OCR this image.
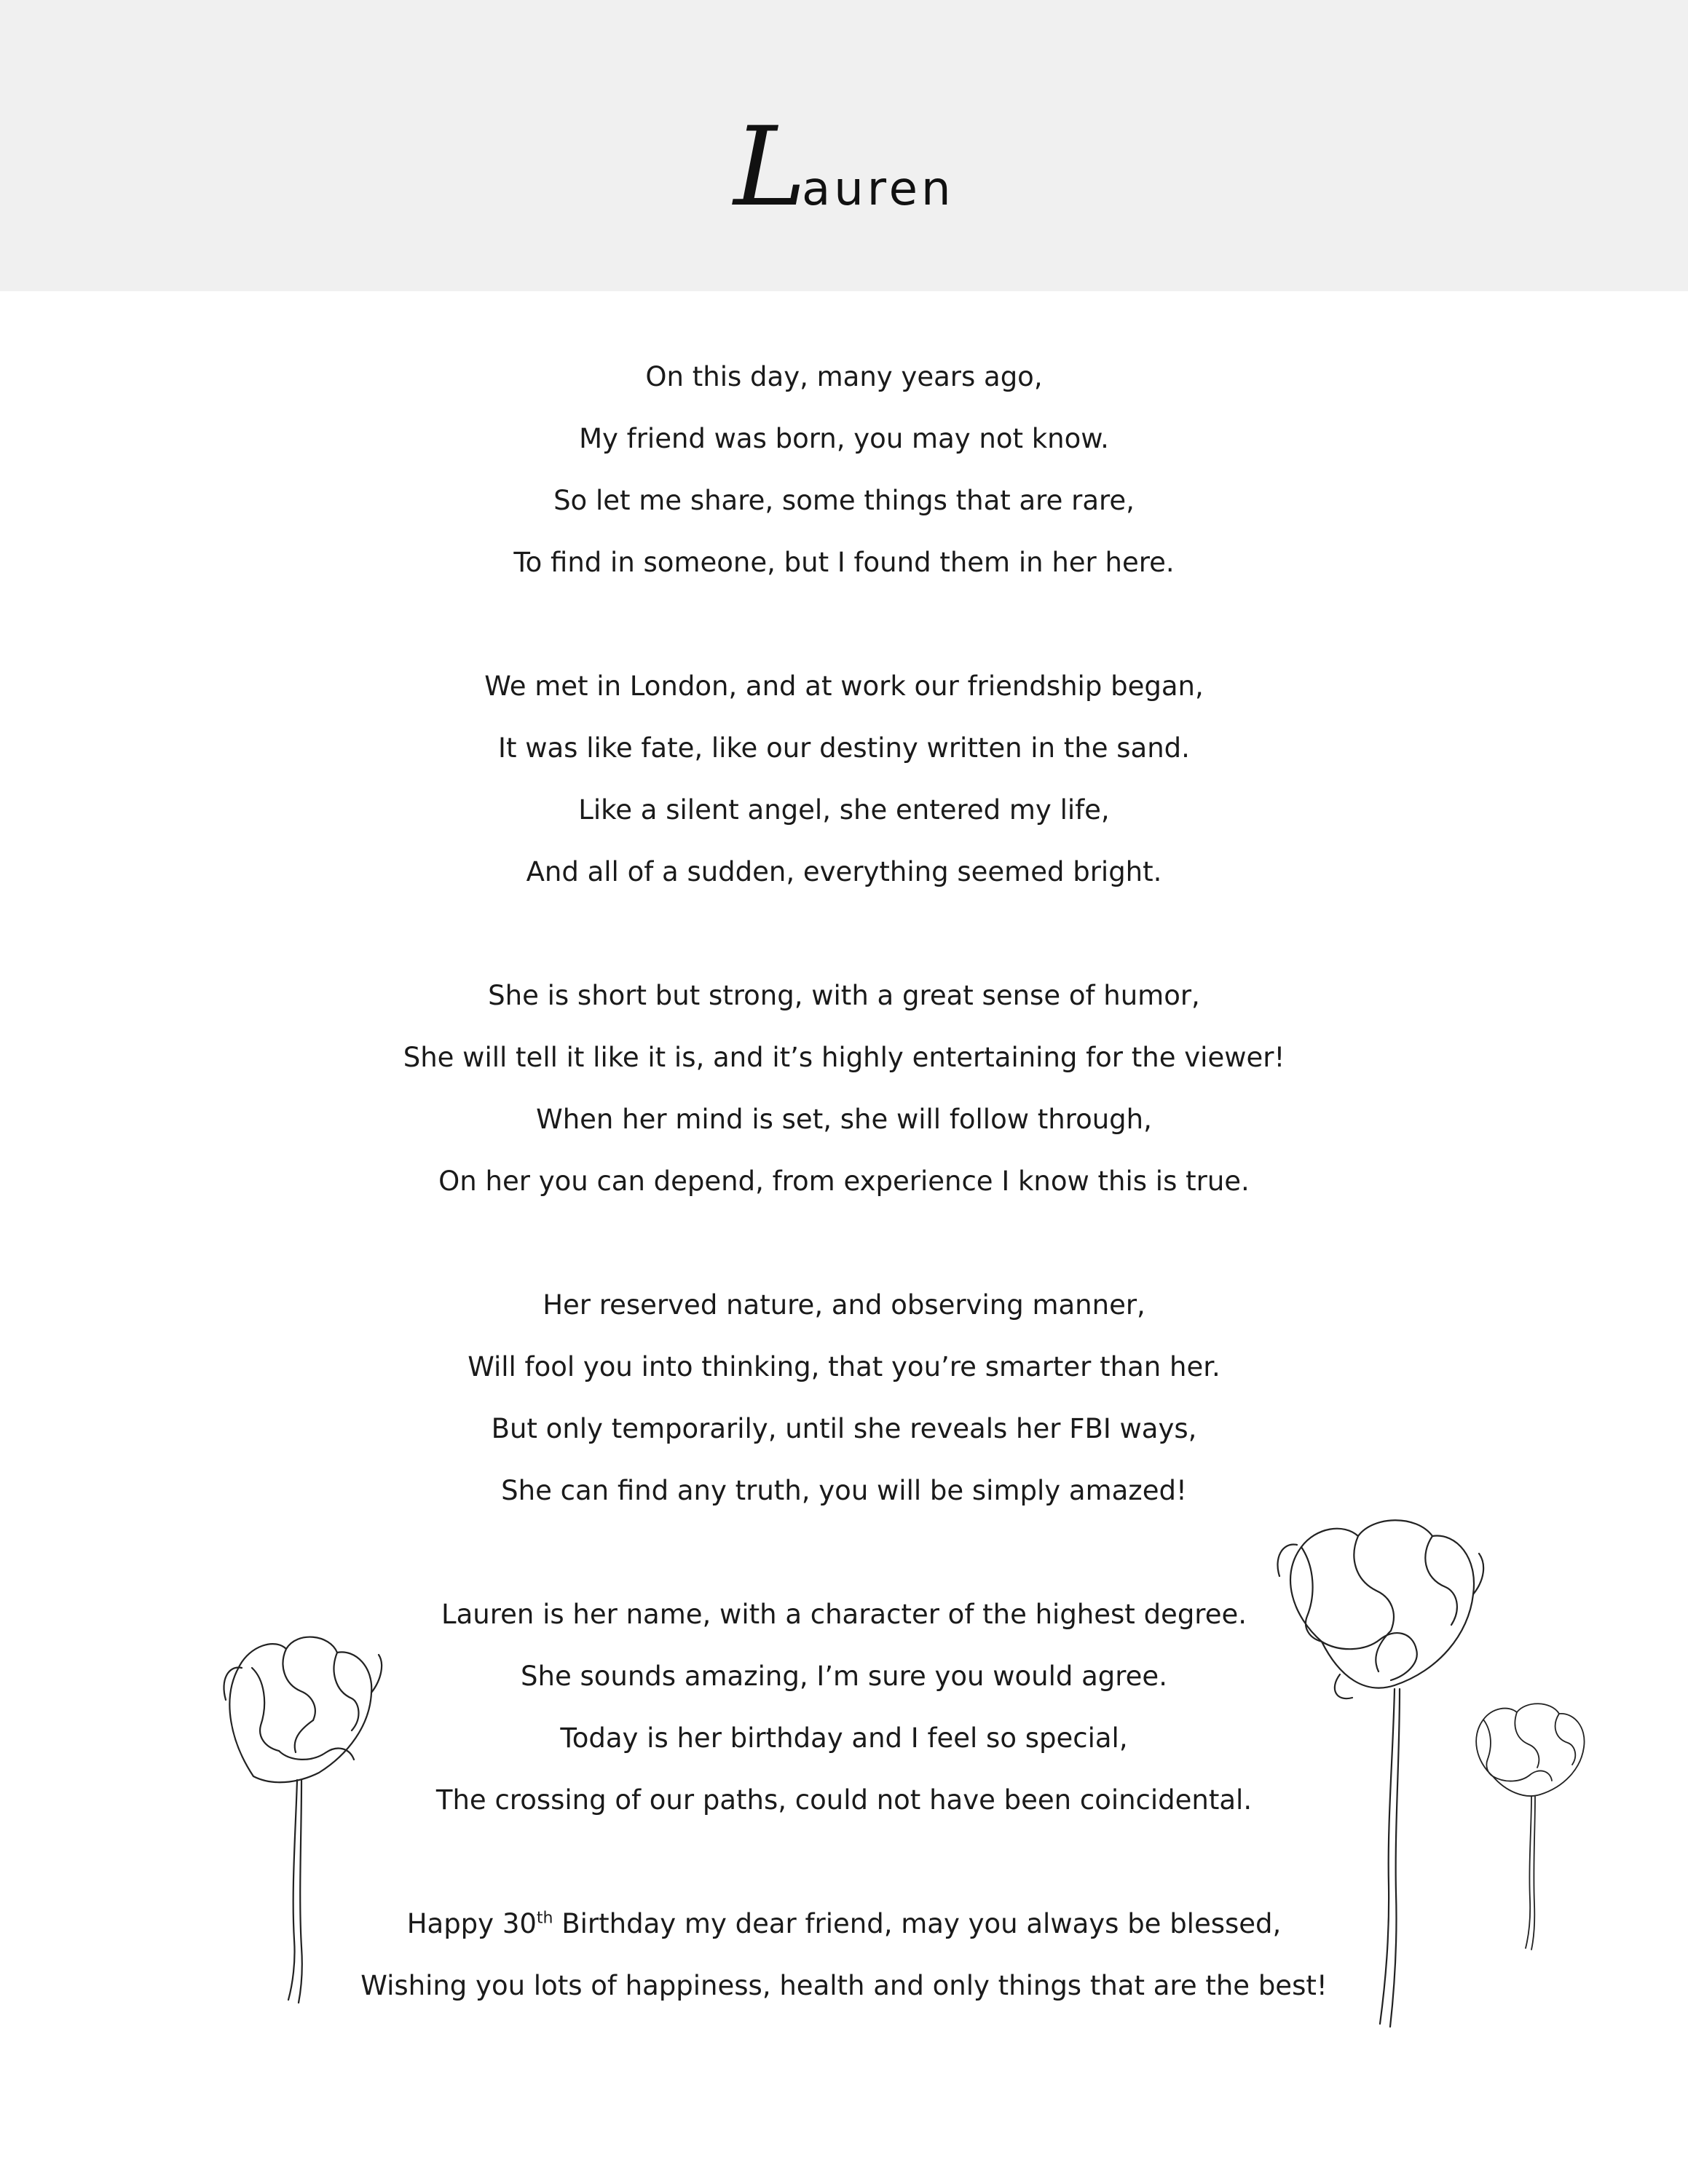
Lauren
On this day, many years ago,
My friend was born, you may not know.
So let me share, some things that are rare,
To find in someone, but I found them in her here.
We met in London, and at work our friendship began,
It was like fate, like our destiny written in the sand.
Like a silent angel, she entered my life,
And all of a sudden, everything seemed bright.
She is short but strong, with a great sense of humor,
She will tell it like it is, and it’s highly entertaining for the viewer!
When her mind is set, she will follow through,
On her you can depend, from experience I know this is true.
Her reserved nature, and observing manner,
Will fool you into thinking, that you’re smarter than her.
But only temporarily, until she reveals her FBI ways,
She can find any truth, you will be simply amazed!
Lauren is her name, with a character of the highest degree.
She sounds amazing, I’m sure you would agree.
Today is her birthday and I feel so special,
The crossing of our paths, could not have been coincidental.
Happy 30th Birthday my dear friend, may you always be blessed,
Wishing you lots of happiness, health and only things that are the best!
